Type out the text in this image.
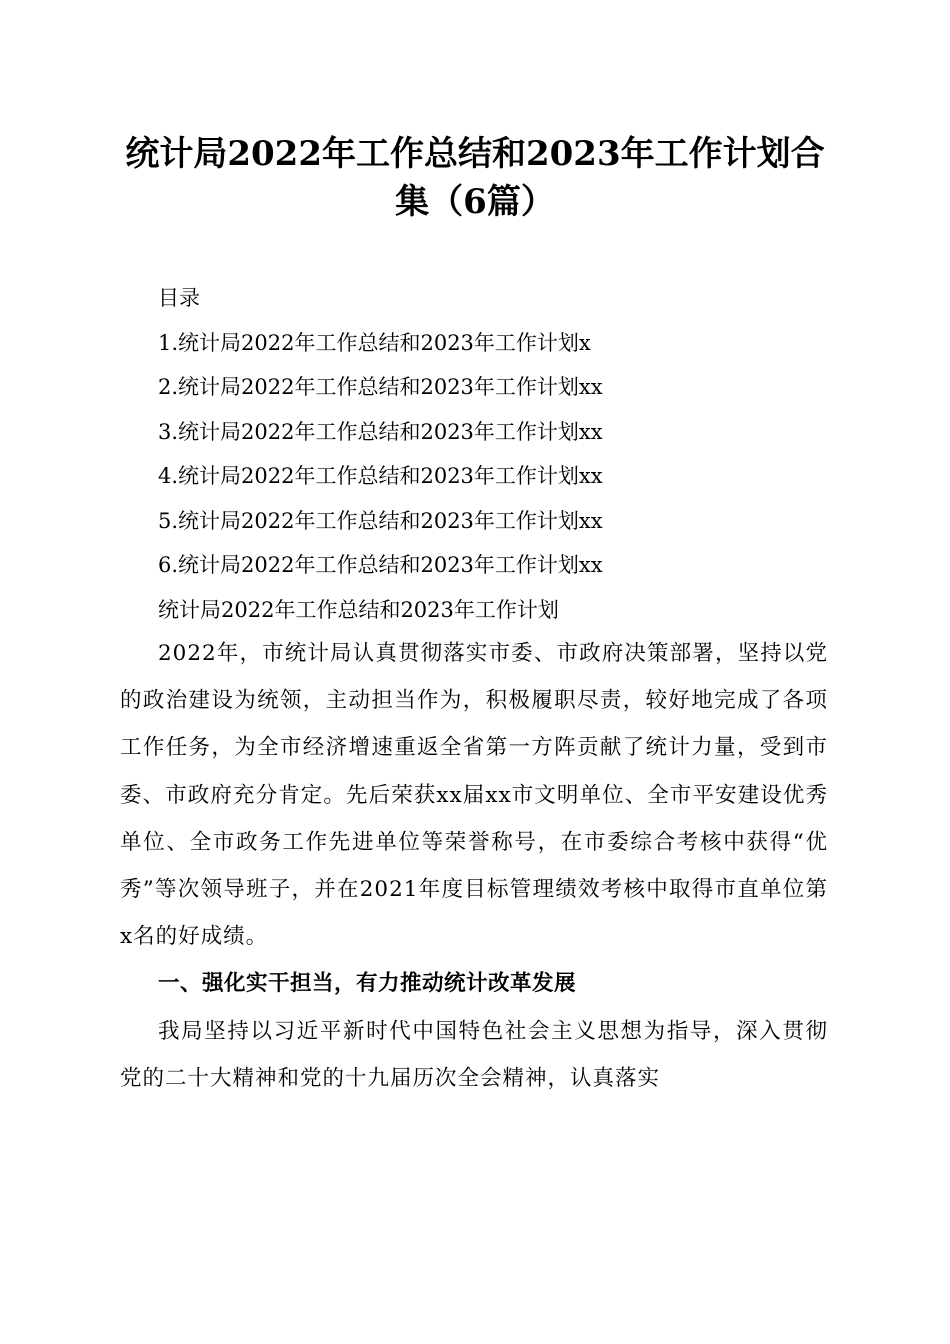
统计局2022年工作总结和2023年工作计划合
集（6篇）
目录
1.统计局2022年工作总结和2023年工作计划x
2.统计局2022年工作总结和2023年工作计划xx
3.统计局2022年工作总结和2023年工作计划xx
4.统计局2022年工作总结和2023年工作计划xx
5.统计局2022年工作总结和2023年工作计划xx
6.统计局2022年工作总结和2023年工作计划xx
统计局2022年工作总结和2023年工作计划

2022年，市统计局认真贯彻落实市委、市政府决策部署，坚持以党的政治建设为统领，主动担当作为，积极履职尽责，较好地完成了各项工作任务，为全市经济增速重返全省第一方阵贡献了统计力量，受到市委、市政府充分肯定。先后荣获xx届xx市文明单位、全市平安建设优秀单位、全市政务工作先进单位等荣誉称号，在市委综合考核中获得“优秀”等次领导班子，并在2021年度目标管理绩效考核中取得市直单位第x名的好成绩。

一、强化实干担当，有力推动统计改革发展

我局坚持以习近平新时代中国特色社会主义思想为指导，深入贯彻党的二十大精神和党的十九届历次全会精神，认真落实
